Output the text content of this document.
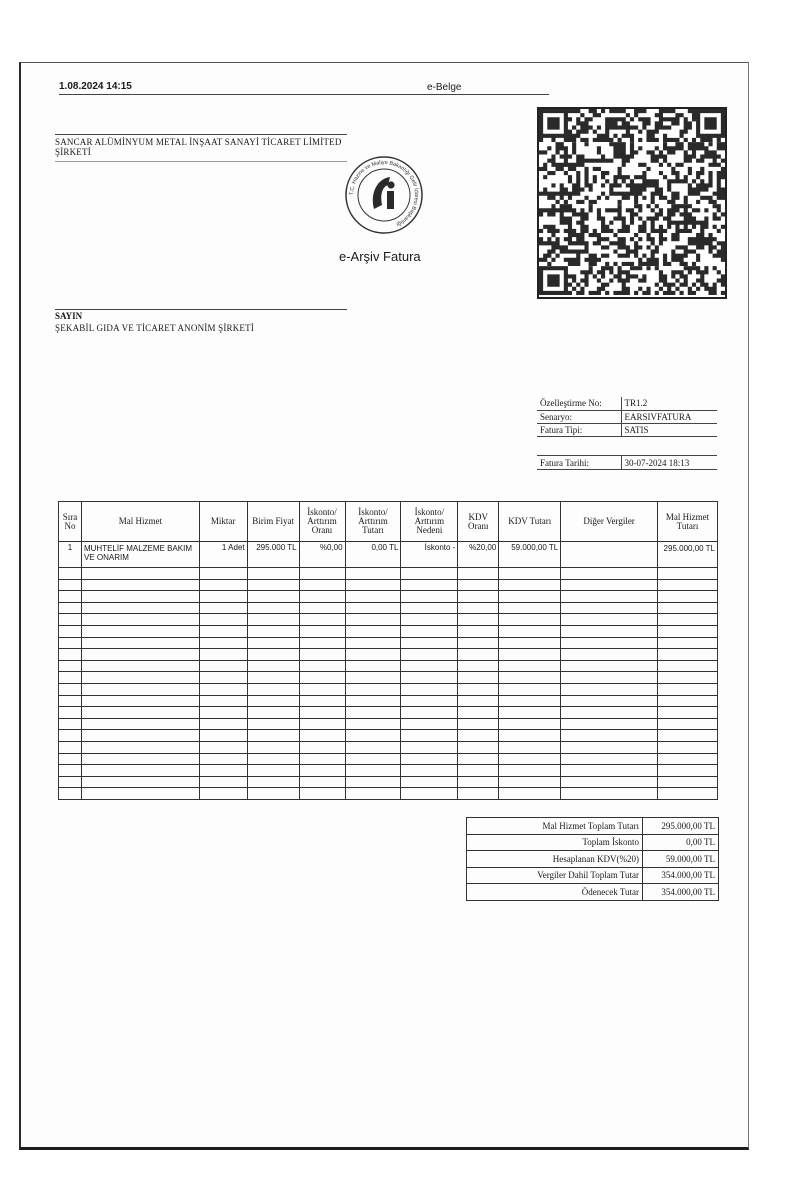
1.08.2024 14:15	e-Belge
SANCAR ALÜMİNYUM METAL İNŞAAT SANAYİ TİCARET LİMİTED ŞİRKETİ
T.C. Hazine ve Maliye Bakanlığı Gelir İdaresi Başkanlığı
e-Arşiv Fatura
SAYIN
ŞEKABİL GIDA VE TİCARET ANONİM ŞİRKETİ
Özelleştirme No:	TR1.2
Senaryo:	EARSIVFATURA
Fatura Tipi:	SATIS
Fatura Tarihi:	30-07-2024 18:13
Sıra No	Mal Hizmet	Miktar	Birim Fiyat	İskonto/ Arttırım Oranı	İskonto/ Arttırım Tutarı	İskonto/ Arttırım Nedeni	KDV Oranı	KDV Tutarı	Diğer Vergiler	Mal Hizmet Tutarı
1	MUHTELİF MALZEME BAKIM VE ONARIM	1 Adet	295.000 TL	%0,00	0,00 TL	İskonto -	%20,00	59.000,00 TL		295.000,00 TL

Mal Hizmet Toplam Tutarı	295.000,00 TL
Toplam İskonto	0,00 TL
Hesaplanan KDV(%20)	59.000,00 TL
Vergiler Dahil Toplam Tutar	354.000,00 TL
Ödenecek Tutar	354.000,00 TL
